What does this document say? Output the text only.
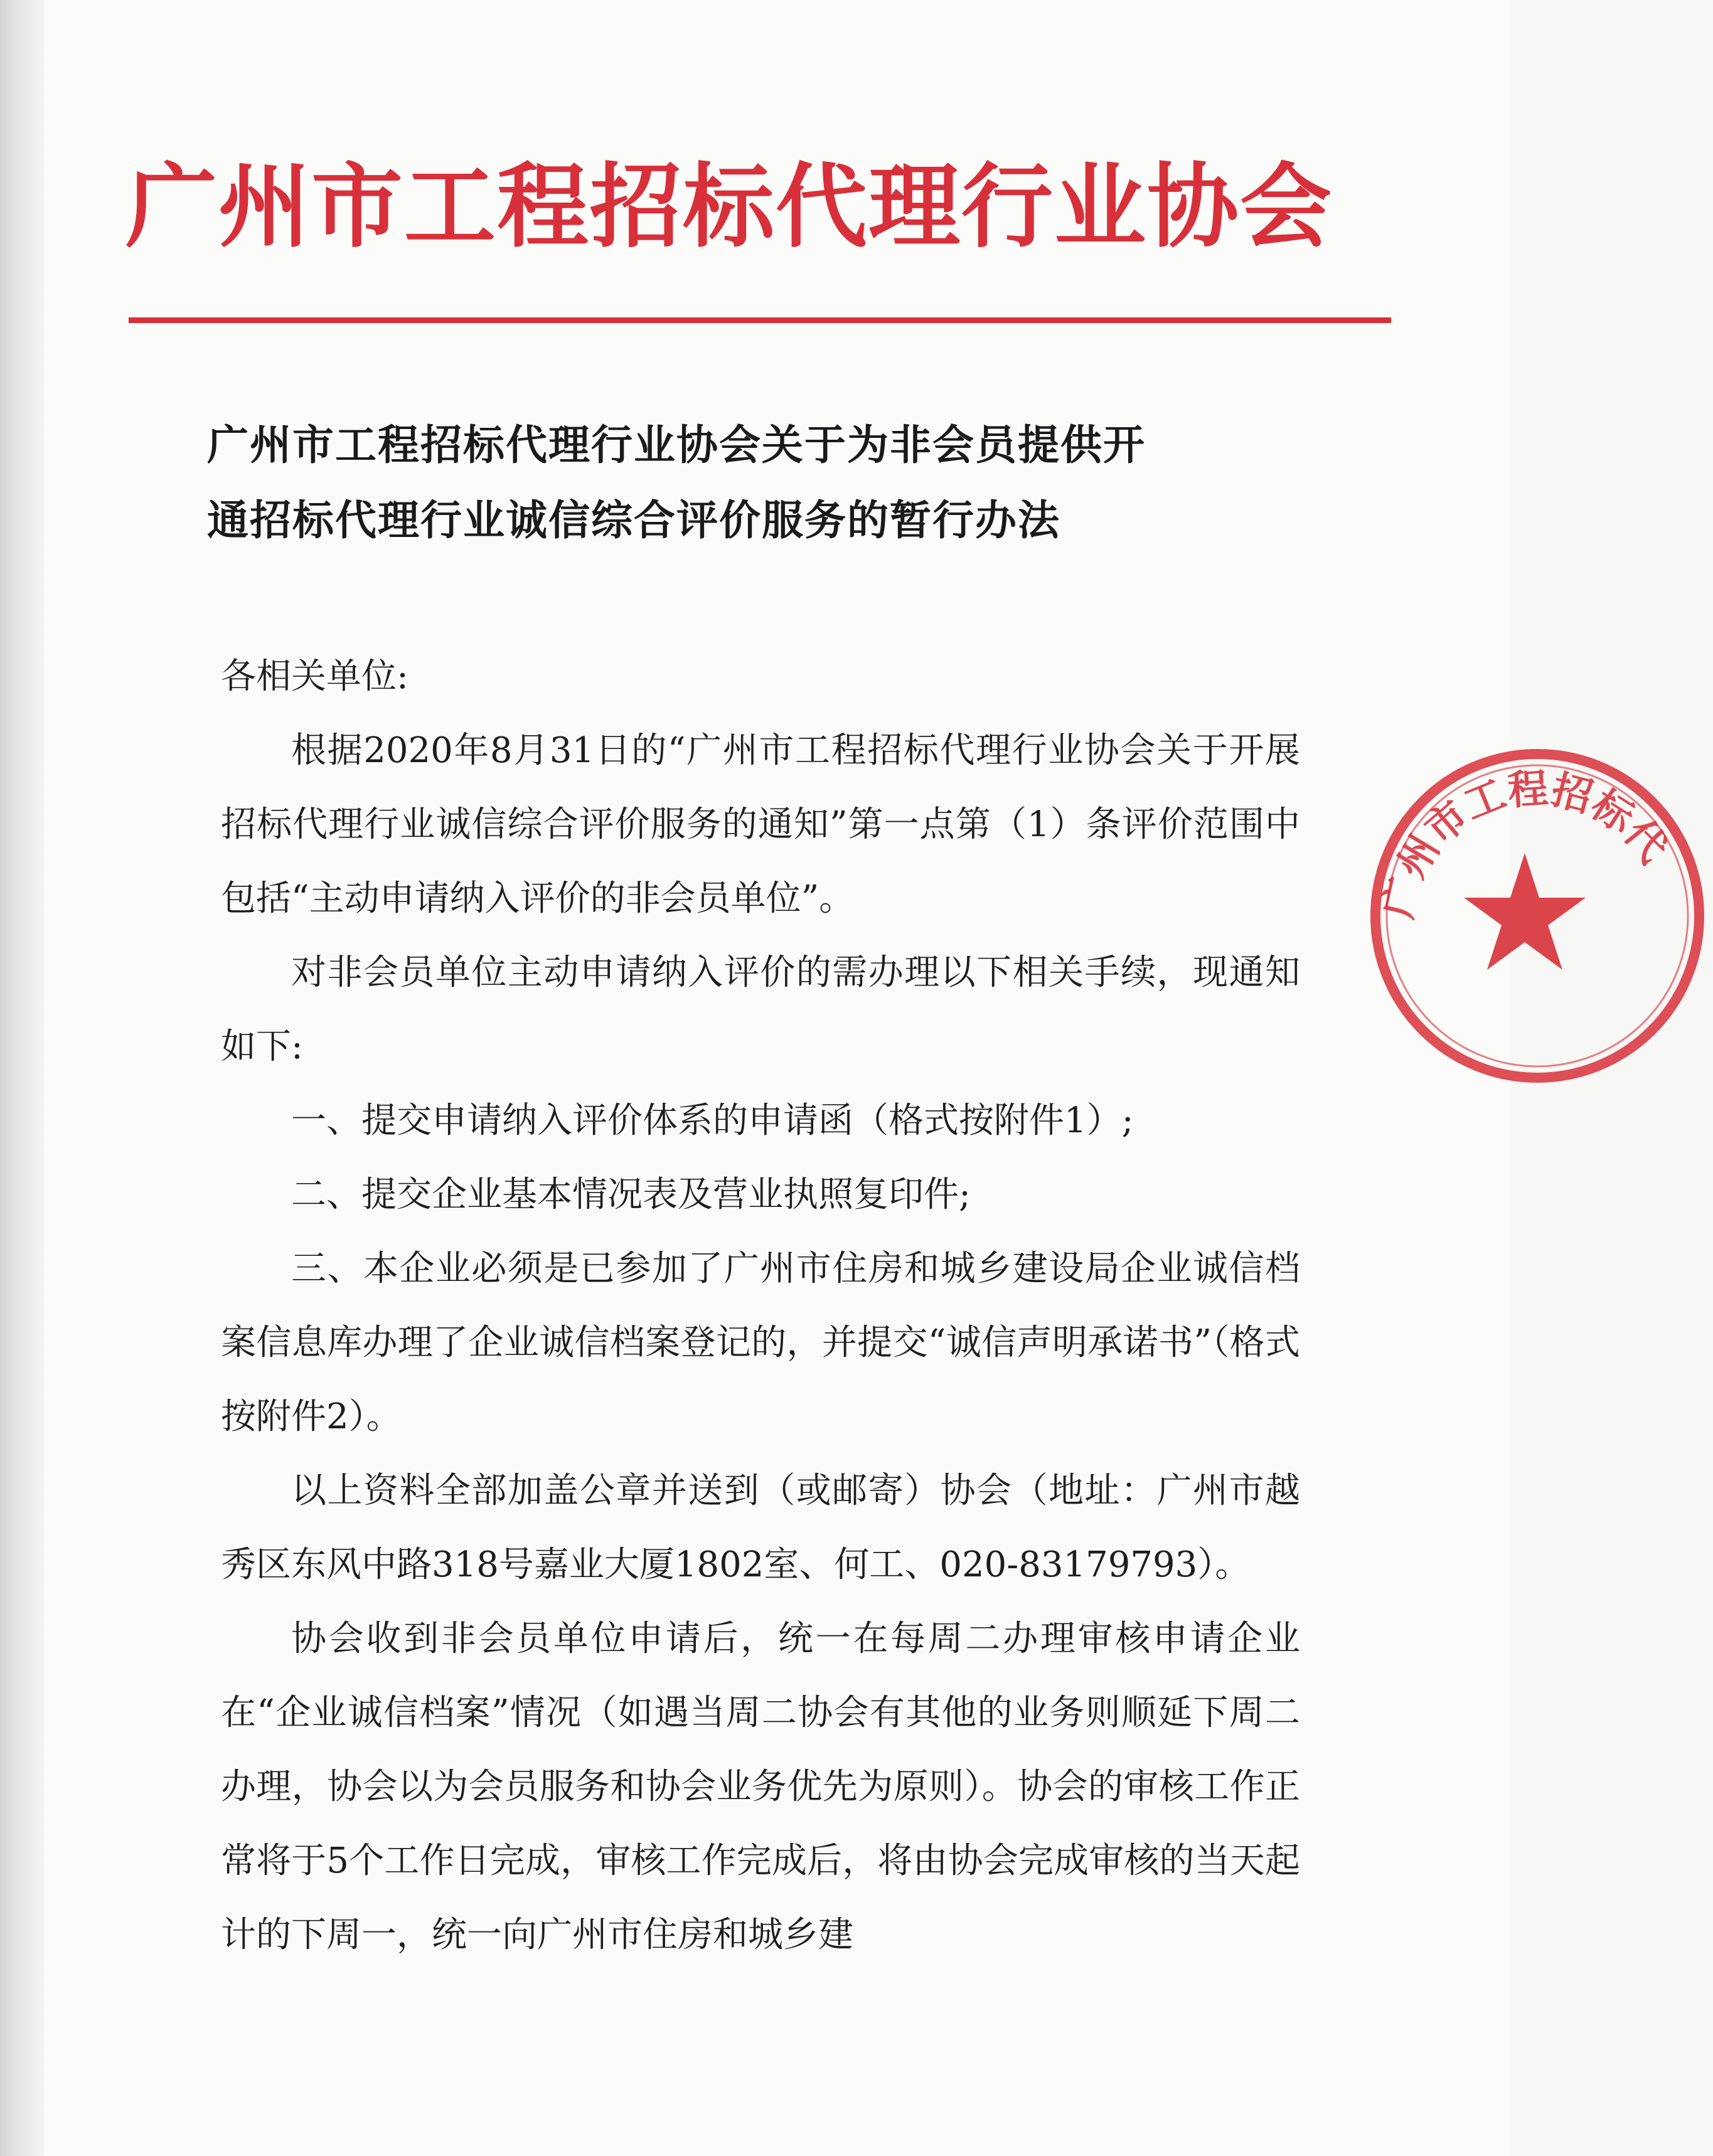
广州市工程招标代理行业协会
广州市工程招标代理行业协会关于为非会员提供开
通招标代理行业诚信综合评价服务的暂行办法

各相关单位:

根据2020年8月31日的“广州市工程招标代理行业协会关于开展招标代理行业诚信综合评价服务的通知”第一点第（1）条评价范围中包括“主动申请纳入评价的非会员单位”。

对非会员单位主动申请纳入评价的需办理以下相关手续，现通知如下:

一、提交申请纳入评价体系的申请函（格式按附件1）;

二、提交企业基本情况表及营业执照复印件;

三、本企业必须是已参加了广州市住房和城乡建设局企业诚信档案信息库办理了企业诚信档案登记的，并提交“诚信声明承诺书”（格式按附件2）。

以上资料全部加盖公章并送到（或邮寄）协会（地址：广州市越秀区东风中路318号嘉业大厦1802室、何工、020-83179793）。

协会收到非会员单位申请后，统一在每周二办理审核申请企业在“企业诚信档案”情况（如遇当周二协会有其他的业务则顺延下周二办理，协会以为会员服务和协会业务优先为原则）。协会的审核工作正常将于5个工作日完成，审核工作完成后，将由协会完成审核的当天起计的下周一，统一向广州市住房和城乡建

广州市工程招标代
